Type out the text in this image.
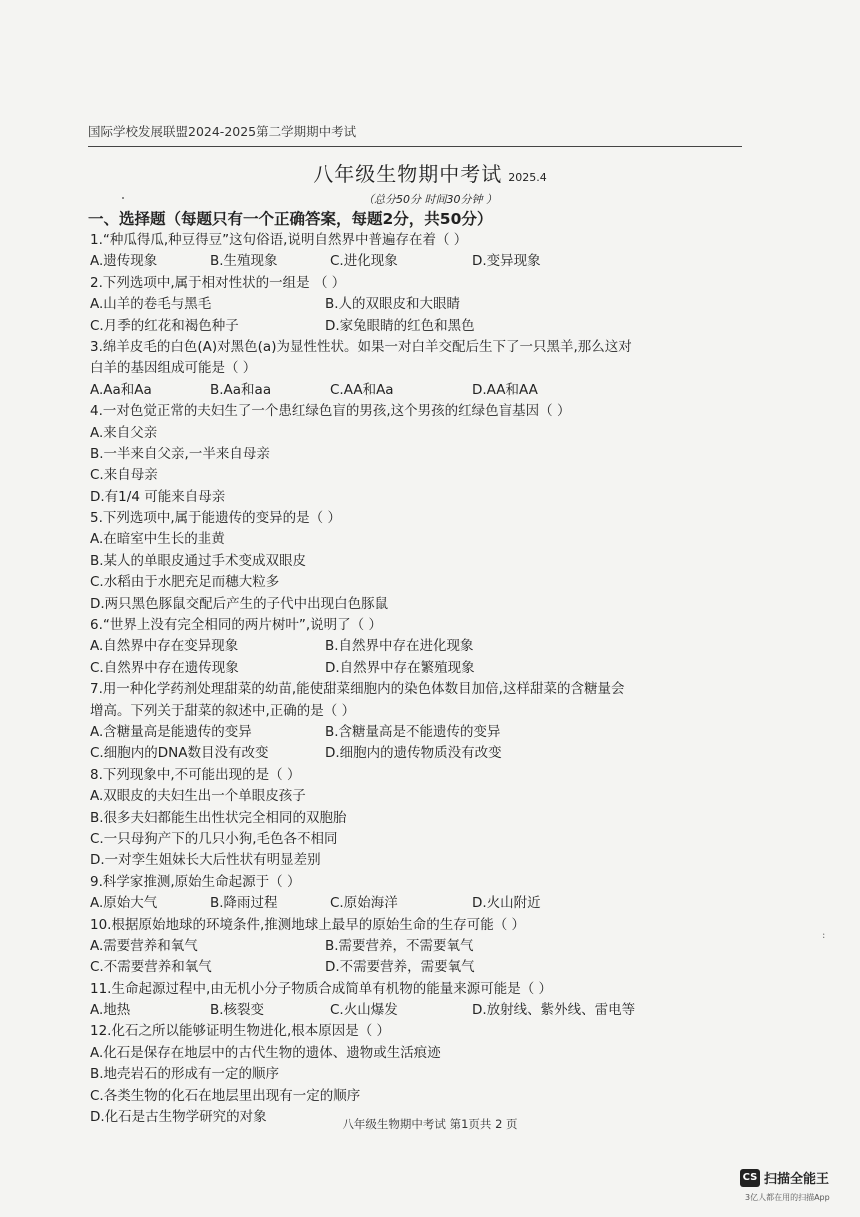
国际学校发展联盟2024-2025第二学期期中考试
八年级生物期中考试 2025.4
（总分50分 时间30分钟 ）
一、选择题（每题只有一个正确答案，每题2分，共50分）
1.“种瓜得瓜,种豆得豆”这句俗语,说明自然界中普遍存在着（ ）
A.遗传现象	B.生殖现象	C.进化现象	D.变异现象
2.下列选项中,属于相对性状的一组是 （ ）
A.山羊的卷毛与黑毛	B.人的双眼皮和大眼睛
C.月季的红花和褐色种子	D.家兔眼睛的红色和黑色
3.绵羊皮毛的白色(A)对黑色(a)为显性性状。如果一对白羊交配后生下了一只黑羊,那么这对
白羊的基因组成可能是（ ）
A.Aa和Aa	B.Aa和aa	C.AA和Aa	D.AA和AA
4.一对色觉正常的夫妇生了一个患红绿色盲的男孩,这个男孩的红绿色盲基因（ ）
A.来自父亲
B.一半来自父亲,一半来自母亲
C.来自母亲
D.有1/4 可能来自母亲
5.下列选项中,属于能遗传的变异的是（ ）
A.在暗室中生长的韭黄
B.某人的单眼皮通过手术变成双眼皮
C.水稻由于水肥充足而穗大粒多
D.两只黑色豚鼠交配后产生的子代中出现白色豚鼠
6.“世界上没有完全相同的两片树叶”,说明了（ ）
A.自然界中存在变异现象	B.自然界中存在进化现象
C.自然界中存在遗传现象	D.自然界中存在繁殖现象
7.用一种化学药剂处理甜菜的幼苗,能使甜菜细胞内的染色体数目加倍,这样甜菜的含糖量会
增高。下列关于甜菜的叙述中,正确的是（ ）
A.含糖量高是能遗传的变异	B.含糖量高是不能遗传的变异
C.细胞内的DNA数目没有改变	D.细胞内的遗传物质没有改变
8.下列现象中,不可能出现的是（ ）
A.双眼皮的夫妇生出一个单眼皮孩子
B.很多夫妇都能生出性状完全相同的双胞胎
C.一只母狗产下的几只小狗,毛色各不相同
D.一对孪生姐妹长大后性状有明显差别
9.科学家推测,原始生命起源于（ ）
A.原始大气	B.降雨过程	C.原始海洋	D.火山附近
10.根据原始地球的环境条件,推测地球上最早的原始生命的生存可能（ ）
A.需要营养和氧气	B.需要营养，不需要氧气
C.不需要营养和氧气	D.不需要营养，需要氧气
11.生命起源过程中,由无机小分子物质合成简单有机物的能量来源可能是（ ）
A.地热	B.核裂变	C.火山爆发	D.放射线、紫外线、雷电等
12.化石之所以能够证明生物进化,根本原因是（ ）
A.化石是保存在地层中的古代生物的遗体、遗物或生活痕迹
B.地壳岩石的形成有一定的顺序
C.各类生物的化石在地层里出现有一定的顺序
D.化石是古生物学研究的对象
:
八年级生物期中考试 第1页共 2 页
CS 扫描全能王
3亿人都在用的扫描App
